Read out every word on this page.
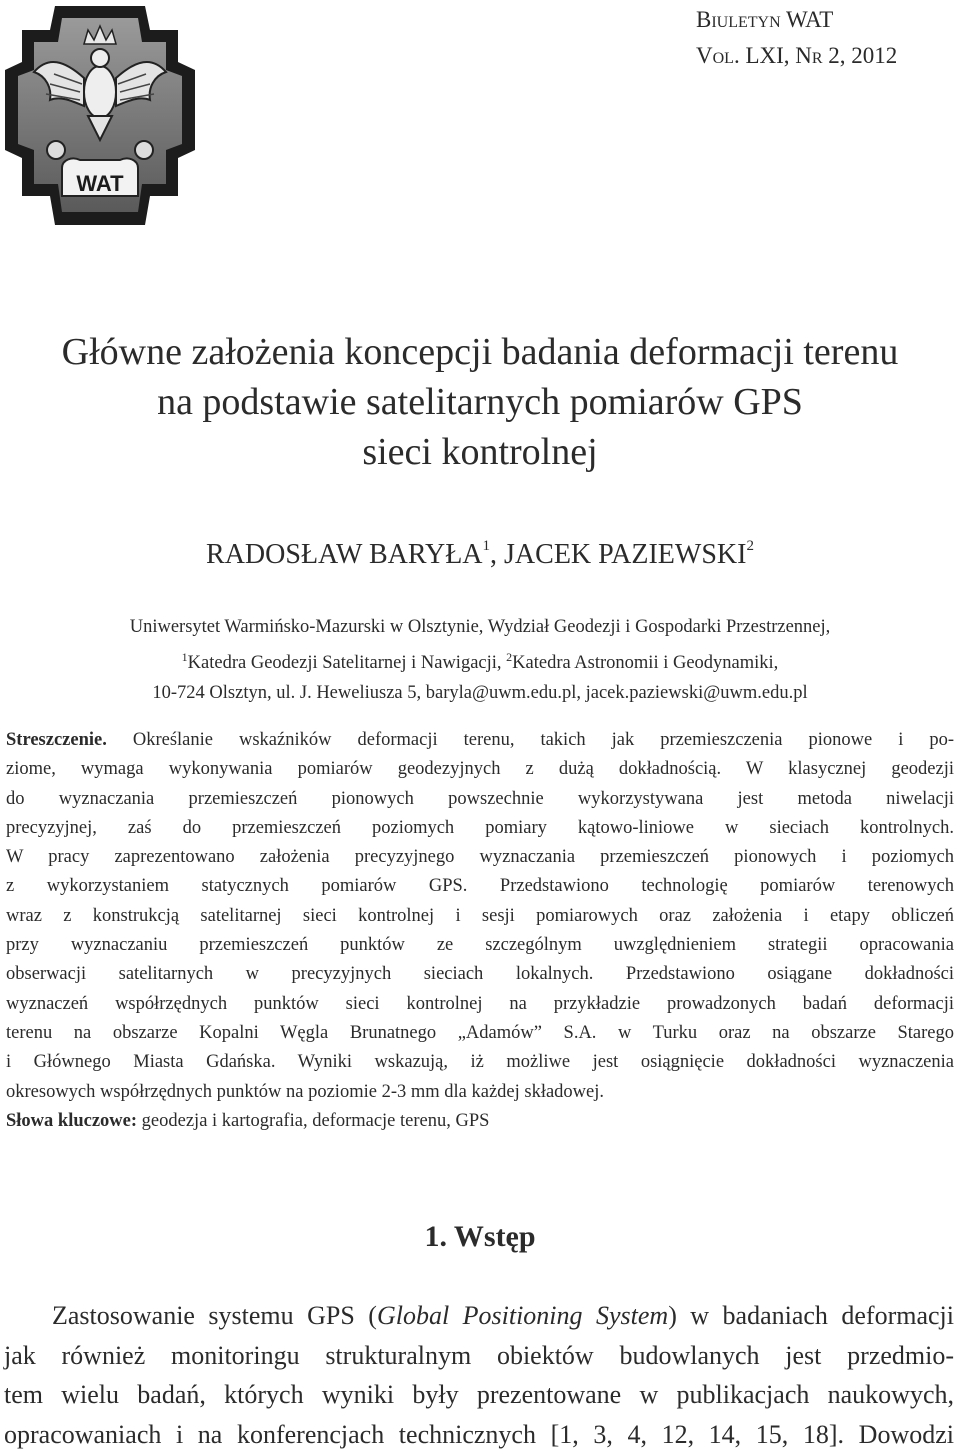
WAT
Biuletyn WAT
Vol. LXI, Nr 2, 2012
Główne założenia koncepcji badania deformacji terenu
na podstawie satelitarnych pomiarów GPS
sieci kontrolnej
RADOSŁAW BARYŁA$^1$, JACEK PAZIEWSKI$^2$
Uniwersytet Warmińsko-Mazurski w Olsztynie, Wydział Geodezji i Gospodarki Przestrzennej,
$^1$Katedra Geodezji Satelitarnej i Nawigacji, $^2$Katedra Astronomii i Geodynamiki,
10-724 Olsztyn, ul. J. Heweliusza 5, baryla@uwm.edu.pl, jacek.paziewski@uwm.edu.pl
Streszczenie. Określanie wskaźników deformacji terenu, takich jak przemieszczenia pionowe i po-
ziome, wymaga wykonywania pomiarów geodezyjnych z dużą dokładnością. W klasycznej geodezji
do wyznaczania przemieszczeń pionowych powszechnie wykorzystywana jest metoda niwelacji
precyzyjnej, zaś do przemieszczeń poziomych pomiary kątowo-liniowe w sieciach kontrolnych.
W pracy zaprezentowano założenia precyzyjnego wyznaczania przemieszczeń pionowych i poziomych
z wykorzystaniem statycznych pomiarów GPS. Przedstawiono technologię pomiarów terenowych
wraz z konstrukcją satelitarnej sieci kontrolnej i sesji pomiarowych oraz założenia i etapy obliczeń
przy wyznaczaniu przemieszczeń punktów ze szczególnym uwzględnieniem strategii opracowania
obserwacji satelitarnych w precyzyjnych sieciach lokalnych. Przedstawiono osiągane dokładności
wyznaczeń współrzędnych punktów sieci kontrolnej na przykładzie prowadzonych badań deformacji
terenu na obszarze Kopalni Węgla Brunatnego „Adamów” S.A. w Turku oraz na obszarze Starego
i Głównego Miasta Gdańska. Wyniki wskazują, iż możliwe jest osiągnięcie dokładności wyznaczenia
okresowych współrzędnych punktów na poziomie 2-3 mm dla każdej składowej.
Słowa kluczowe: geodezja i kartografia, deformacje terenu, GPS
1. Wstęp
Zastosowanie systemu GPS (Global Positioning System) w badaniach deformacji
jak również monitoringu strukturalnym obiektów budowlanych jest przedmio-
tem wielu badań, których wyniki były prezentowane w publikacjach naukowych,
opracowaniach i na konferencjach technicznych [1, 3, 4, 12, 14, 15, 18]. Dowodzi
